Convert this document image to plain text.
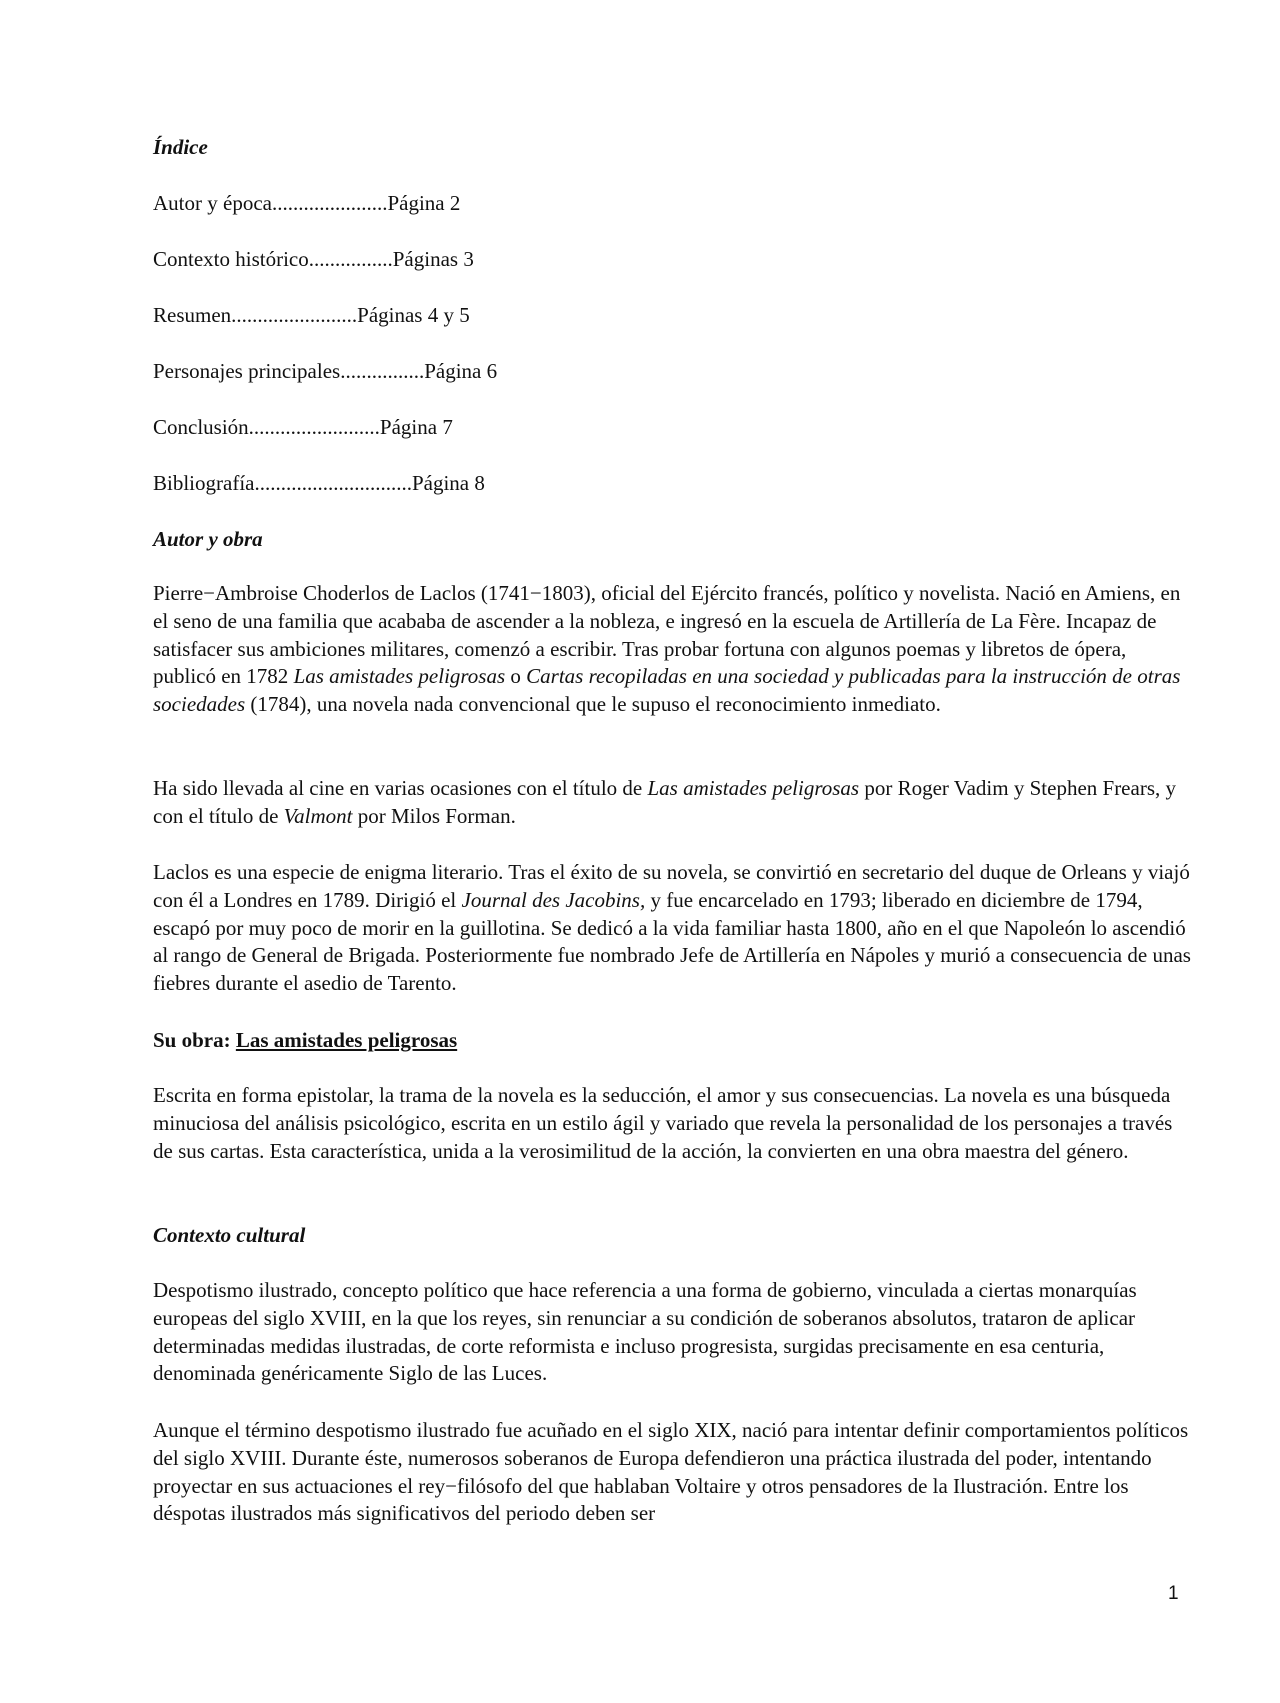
Índice
Autor y época......................Página 2
Contexto histórico................Páginas 3
Resumen........................Páginas 4 y 5
Personajes principales................Página 6
Conclusión.........................Página 7
Bibliografía..............................Página 8
Autor y obra
Pierre−Ambroise Choderlos de Laclos (1741−1803), oficial del Ejército francés, político y novelista. Nació en Amiens, en el seno de una familia que acababa de ascender a la nobleza, e ingresó en la escuela de Artillería de La Fère. Incapaz de satisfacer sus ambiciones militares, comenzó a escribir. Tras probar fortuna con algunos poemas y libretos de ópera, publicó en 1782 Las amistades peligrosas o Cartas recopiladas en una sociedad y publicadas para la instrucción de otras sociedades (1784), una novela nada convencional que le supuso el reconocimiento inmediato.
Ha sido llevada al cine en varias ocasiones con el título de Las amistades peligrosas por Roger Vadim y Stephen Frears, y con el título de Valmont por Milos Forman.
Laclos es una especie de enigma literario. Tras el éxito de su novela, se convirtió en secretario del duque de Orleans y viajó con él a Londres en 1789. Dirigió el Journal des Jacobins, y fue encarcelado en 1793; liberado en diciembre de 1794, escapó por muy poco de morir en la guillotina. Se dedicó a la vida familiar hasta 1800, año en el que Napoleón lo ascendió al rango de General de Brigada. Posteriormente fue nombrado Jefe de Artillería en Nápoles y murió a consecuencia de unas fiebres durante el asedio de Tarento.
Su obra: Las amistades peligrosas
Escrita en forma epistolar, la trama de la novela es la seducción, el amor y sus consecuencias. La novela es una búsqueda minuciosa del análisis psicológico, escrita en un estilo ágil y variado que revela la personalidad de los personajes a través de sus cartas. Esta característica, unida a la verosimilitud de la acción, la convierten en una obra maestra del género.
Contexto cultural
Despotismo ilustrado, concepto político que hace referencia a una forma de gobierno, vinculada a ciertas monarquías europeas del siglo XVIII, en la que los reyes, sin renunciar a su condición de soberanos absolutos, trataron de aplicar determinadas medidas ilustradas, de corte reformista e incluso progresista, surgidas precisamente en esa centuria, denominada genéricamente Siglo de las Luces.
Aunque el término despotismo ilustrado fue acuñado en el siglo XIX, nació para intentar definir comportamientos políticos del siglo XVIII. Durante éste, numerosos soberanos de Europa defendieron una práctica ilustrada del poder, intentando proyectar en sus actuaciones el rey−filósofo del que hablaban Voltaire y otros pensadores de la Ilustración. Entre los déspotas ilustrados más significativos del periodo deben ser
1
